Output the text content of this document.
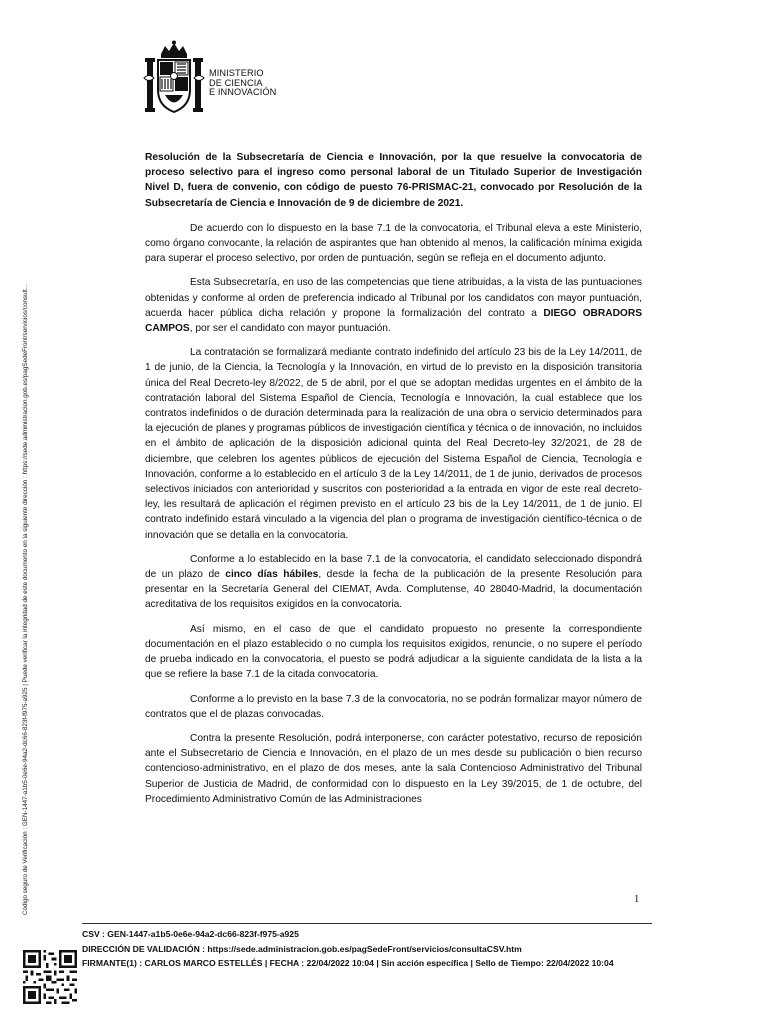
Código seguro de Verificación : GEN-1447-a1b5-0e6e-94a2-dc66-823f-f975-a925 | Puede verificar la integridad de este documento en la siguiente dirección : https://sede.administracion.gob.es/pagSedeFront/servicios/consult...
MINISTERIO
DE CIENCIA
E INNOVACIÓN

Resolución de la Subsecretaría de Ciencia e Innovación, por la que resuelve la convocatoria de proceso selectivo para el ingreso como personal laboral de un Titulado Superior de Investigación Nivel D, fuera de convenio, con código de puesto 76-PRISMAC-21, convocado por Resolución de la Subsecretaría de Ciencia e Innovación de 9 de diciembre de 2021.

De acuerdo con lo dispuesto en la base 7.1 de la convocatoria, el Tribunal eleva a este Ministerio, como órgano convocante, la relación de aspirantes que han obtenido al menos, la calificación mínima exigida para superar el proceso selectivo, por orden de puntuación, según se refleja en el documento adjunto.

Esta Subsecretaría, en uso de las competencias que tiene atribuidas, a la vista de las puntuaciones obtenidas y conforme al orden de preferencia indicado al Tribunal por los candidatos con mayor puntuación, acuerda hacer pública dicha relación y propone la formalización del contrato a DIEGO OBRADORS CAMPOS, por ser el candidato con mayor puntuación.

La contratación se formalizará mediante contrato indefinido del artículo 23 bis de la Ley 14/2011, de 1 de junio, de la Ciencia, la Tecnología y la Innovación, en virtud de lo previsto en la disposición transitoria única del Real Decreto-ley 8/2022, de 5 de abril, por el que se adoptan medidas urgentes en el ámbito de la contratación laboral del Sistema Español de Ciencia, Tecnología e Innovación, la cual establece que los contratos indefinidos o de duración determinada para la realización de una obra o servicio determinados para la ejecución de planes y programas públicos de investigación científica y técnica o de innovación, no incluidos en el ámbito de aplicación de la disposición adicional quinta del Real Decreto-ley 32/2021, de 28 de diciembre, que celebren los agentes públicos de ejecución del Sistema Español de Ciencia, Tecnología e Innovación, conforme a lo establecido en el artículo 3 de la Ley 14/2011, de 1 de junio, derivados de procesos selectivos iniciados con anterioridad y suscritos con posterioridad a la entrada en vigor de este real decreto-ley, les resultará de aplicación el régimen previsto en el artículo 23 bis de la Ley 14/2011, de 1 de junio. El contrato indefinido estará vinculado a la vigencia del plan o programa de investigación científico-técnica o de innovación que se detalla en la convocatoria.

Conforme a lo establecido en la base 7.1 de la convocatoria, el candidato seleccionado dispondrá de un plazo de cinco días hábiles, desde la fecha de la publicación de la presente Resolución para presentar en la Secretaría General del CIEMAT, Avda. Complutense, 40 28040-Madrid, la documentación acreditativa de los requisitos exigidos en la convocatoria.

Así mismo, en el caso de que el candidato propuesto no presente la correspondiente documentación en el plazo establecido o no cumpla los requisitos exigidos, renuncie, o no supere el período de prueba indicado en la convocatoria, el puesto se podrá adjudicar a la siguiente candidata de la lista a la que se refiere la base 7.1 de la citada convocatoria.

Conforme a lo previsto en la base 7.3 de la convocatoria, no se podrán formalizar mayor número de contratos que el de plazas convocadas.

Contra la presente Resolución, podrá interponerse, con carácter potestativo, recurso de reposición ante el Subsecretario de Ciencia e Innovación, en el plazo de un mes desde su publicación o bien recurso contencioso-administrativo, en el plazo de dos meses, ante la sala Contencioso Administrativo del Tribunal Superior de Justicia de Madrid, de conformidad con lo dispuesto en la Ley 39/2015, de 1 de octubre, del Procedimiento Administrativo Común de las Administraciones

1
CSV : GEN-1447-a1b5-0e6e-94a2-dc66-823f-f975-a925
DIRECCIÓN DE VALIDACIÓN : https://sede.administracion.gob.es/pagSedeFront/servicios/consultaCSV.htm
FIRMANTE(1) : CARLOS MARCO ESTELLÉS | FECHA : 22/04/2022 10:04 | Sin acción específica | Sello de Tiempo: 22/04/2022 10:04
